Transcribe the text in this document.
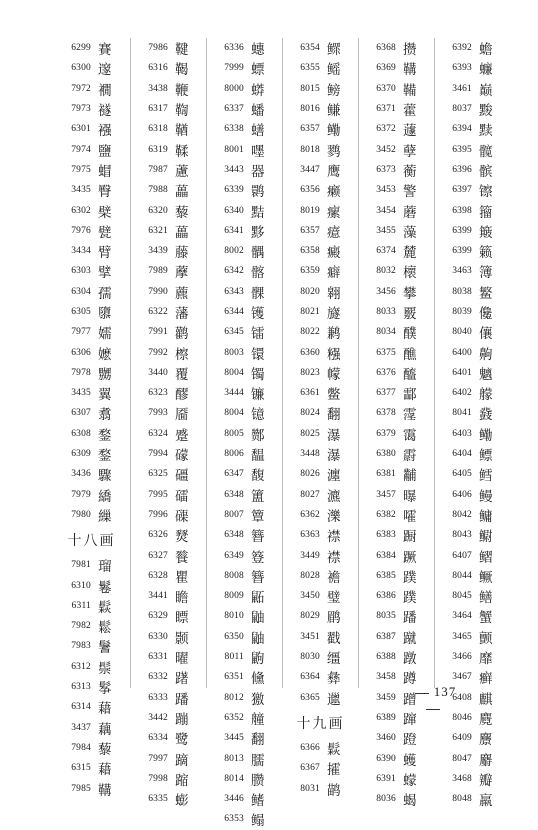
6299 賽
6300 邃
7972 襉
7973 襚
6301 襁
7974 鹽
7975 蝐
3435 臀
6302 檗
7976 甓
3434 臂
6303 擘
6304 孺
6305 隳
7977 嬬
6306 嬷
7978 嬲
3435 翼
6307 翥
6308 鍪
6309 鍪
3436 驟
7979 繑
7980 繅
十八画
7981 瑠
6310 鬈
6311 鬏
7982 鬆
7983 鬐
6312 鬃
6313 鬇
6314 藉
3437 藕
7984 藜
6315 藉
7985 鞲
7986 鞬
6316 鞨
3438 鞭
6317 鞫
6318 鞧
6319 鞣
7987 藘
7988 藟
6320 藜
6321 藟
3439 藤
7989 藦
7990 藨
6322 藩
7991 鹳
7992 檫
3440 覆
6323 醪
7993 靥
6324 蹙
7994 礞
6325 礓
7995 礌
7996 磲
6326 燹
6327 餮
6328 瞿
3441 瞻
6329 瞟
6330 颢
6331 曜
6332 躇
6333 蹯
3442 蹦
6334 鹭
7997 蹢
7998 蹜
6335 蟛
6336 蟪
7999 螵
8000 蟒
6337 蟠
6338 蟮
8001 嚜
3443 器
6339 鹮
6340 黠
6341 黟
8002 髃
6342 髂
6343 髁
6344 镬
6345 镭
8003 镮
8004 镯
3444 镰
8004 镱
8005 酂
8006 馧
6347 馥
6348 簠
8007 簟
6348 簪
6349 簦
8008 簪
8009 鼫
8010 鼬
6350 鼬
8011 鼩
6351 儵
8012 獥
6352 艟
3445 翻
8013 臑
8014 臜
3446 鳍
6353 鳎
6354 鳏
6355 鳐
8015 鳑
8016 鳒
6357 鳓
8018 鹨
3447 鹰
6356 癞
8019 瘰
6357 癔
6358 癜
6359 癖
8020 翱
8021 旞
8022 鹣
6360 糨
8023 幪
6361 鳖
8024 翻
8025 瀑
3448 瀑
8026 瀍
8027 瀌
6362 濼
6363 襟
3449 襟
8028 襜
3450 璧
8029 鹛
3451 戳
8030 缰
6364 彝
6365 邋
十九画
6366 鬏
6367 攉
8031 鹋
6368 攒
6369 鞲
6370 鞴
6371 藿
6372 蘧
3452 孽
6373 蘅
3453 警
3454 蘑
3455 藻
6374 麓
8032 櫰
3456 攀
8033 覈
8034 醭
6375 醮
6376 醯
6377 酃
6378 霪
6379 霭
6380 霨
6381 黼
3457 曝
6382 嚯
6383 蹰
6384 蹶
6385 蹼
6386 蹼
8035 蹯
6387 蹴
6388 蹾
3458 蹲
3459 蹭
6389 蹿
3460 蹬
6390 蠖
6391 蠓
8036 蝎
6392 蟾
6393 蠊
3461 巅
8037 黢
6394 黩
6395 髋
6396 髌
6397 镲
6398 籀
6399 簸
6399 籁
3463 簿
8038 鳘
8039 儳
8040 儴
6400 齁
6401 魑
6402 艨
8041 鼗
6403 鳓
6404 鳔
6405 鳕
6406 鳗
8042 鳙
8043 鳚
6407 鳛
8044 鳜
8045 鳝
3464 蟹
3465 颤
3466 靡
3467 癣
6408 麒
8046 麑
6409 麖
8047 麝
3468 瓣
8048 羸
137
